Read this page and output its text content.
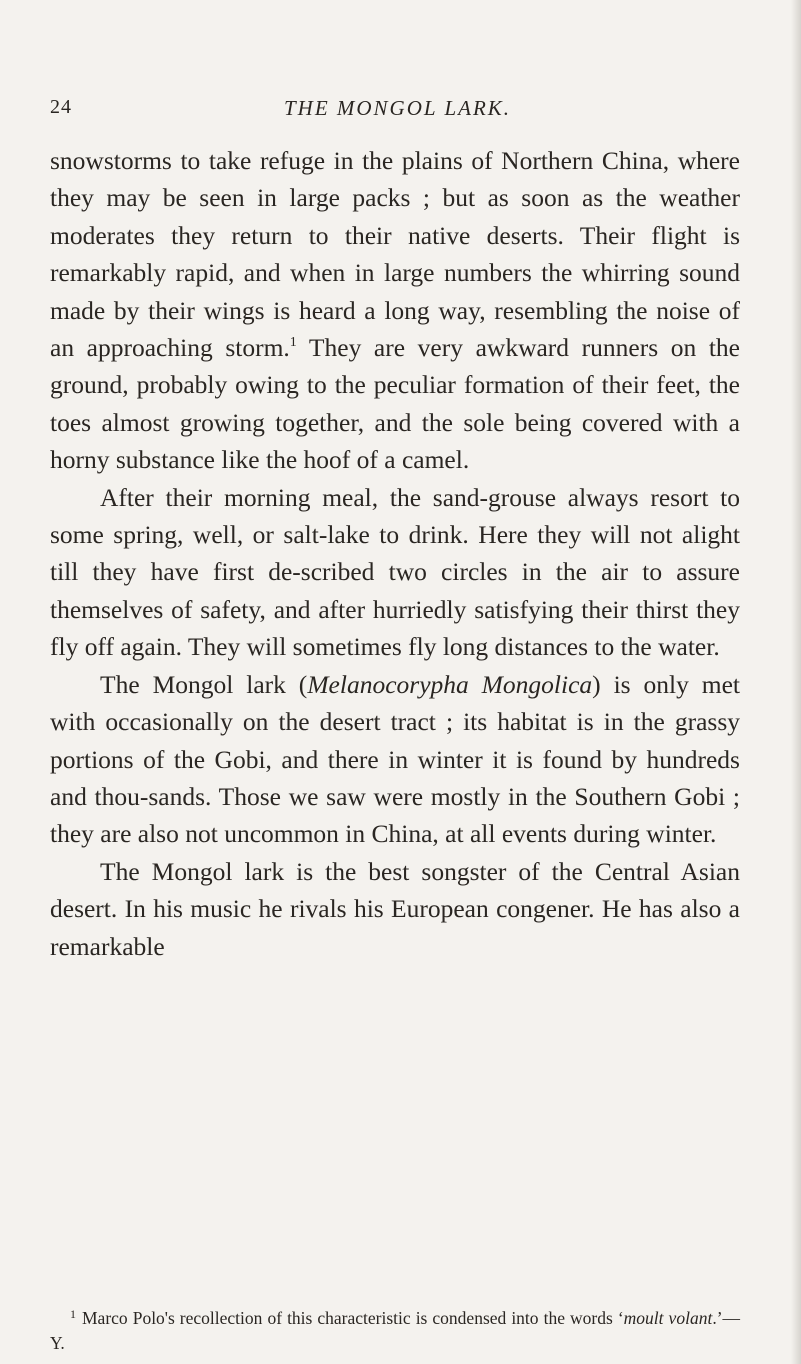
24	THE MONGOL LARK.

snowstorms to take refuge in the plains of Northern China, where they may be seen in large packs ; but as soon as the weather moderates they return to their native deserts. Their flight is remarkably rapid, and when in large numbers the whirring sound made by their wings is heard a long way, resembling the noise of an approaching storm.$^1$ They are very awkward runners on the ground, probably owing to the peculiar formation of their feet, the toes almost growing together, and the sole being covered with a horny substance like the hoof of a camel.

After their morning meal, the sand-grouse always resort to some spring, well, or salt-lake to drink. Here they will not alight till they have first de-scribed two circles in the air to assure themselves of safety, and after hurriedly satisfying their thirst they fly off again. They will sometimes fly long distances to the water.

The Mongol lark (Melanocorypha Mongolica) is only met with occasionally on the desert tract ; its habitat is in the grassy portions of the Gobi, and there in winter it is found by hundreds and thou-sands. Those we saw were mostly in the Southern Gobi ; they are also not uncommon in China, at all events during winter.

The Mongol lark is the best songster of the Central Asian desert. In his music he rivals his European congener. He has also a remarkable

$^1$ Marco Polo's recollection of this characteristic is condensed into the words ‘moult volant.’—Y.
